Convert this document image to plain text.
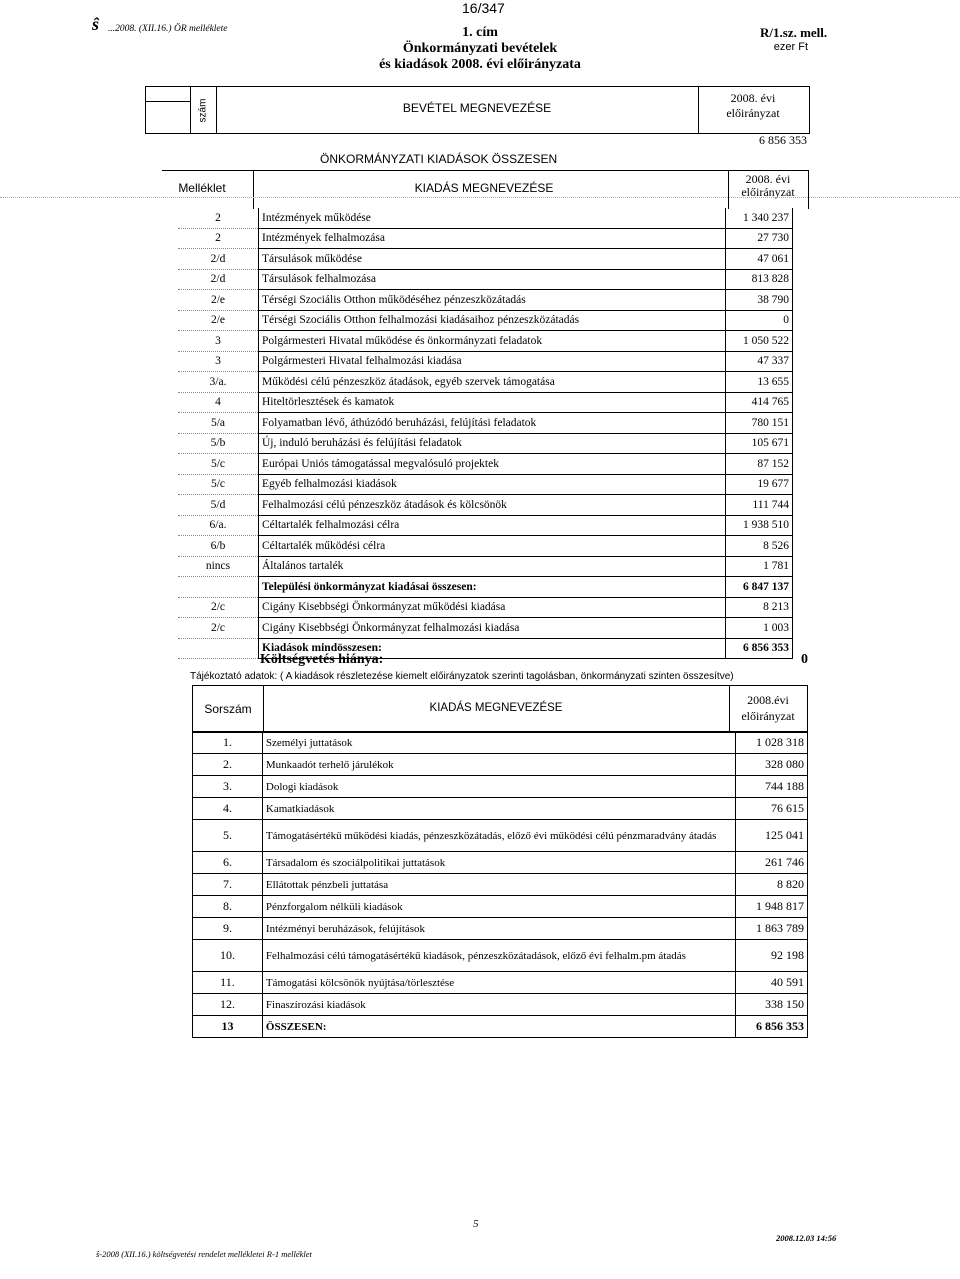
ŝ ...2008. (XII.16.) ÖR melléklete
16/347
1. cím
Önkormányzati bevételek
és kiadások 2008. évi előirányzata
R/1.sz. mell.
ezer Ft
szám	BEVÉTEL MEGNEVEZÉSE
2008. évi
előirányzat
6 856 353
ÖNKORMÁNYZATI KIADÁSOK ÖSSZESEN
Melléklet	KIADÁS MEGNEVEZÉSE
2008. évi
előirányzat
2	Intézmények működése	1 340 237
2	Intézmények felhalmozása	27 730
2/d	Társulások működése	47 061
2/d	Társulások felhalmozása	813 828
2/e	Térségi Szociális Otthon működéséhez pénzeszközátadás	38 790
2/e	Térségi Szociális Otthon felhalmozási kiadásaihoz pénzeszközátadás	0
3	Polgármesteri Hivatal működése és önkormányzati feladatok	1 050 522
3	Polgármesteri Hivatal felhalmozási kiadása	47 337
3/a.	Működési célú pénzeszköz átadások, egyéb szervek támogatása	13 655
4	Hiteltörlesztések és kamatok	414 765
5/a	Folyamatban lévő, áthúzódó beruházási, felújítási feladatok	780 151
5/b	Új, induló beruházási és felújítási feladatok	105 671
5/c	Európai Uniós támogatással megvalósuló projektek	87 152
5/c	Egyéb felhalmozási kiadások	19 677
5/d	Felhalmozási célú pénzeszköz átadások és kölcsönök	111 744
6/a.	Céltartalék felhalmozási célra	1 938 510
6/b	Céltartalék működési célra	8 526
nincs	Általános tartalék	1 781
	Települési önkormányzat kiadásai összesen:	6 847 137
2/c	Cigány Kisebbségi Önkormányzat működési kiadása	8 213
2/c	Cigány Kisebbségi Önkormányzat felhalmozási kiadása	1 003
	Kiadások mindösszesen:	6 856 353
Költségvetés hiánya:	0
Tájékoztató adatok: ( A kiadások részletezése kiemelt előirányzatok szerinti tagolásban, önkormányzati szinten összesítve)
Sorszám	KIADÁS MEGNEVEZÉSE
2008.évi
előirányzat
1.	Személyi juttatások	1 028 318
2.	Munkaadót terhelő járulékok	328 080
3.	Dologi kiadások	744 188
4.	Kamatkiadások	76 615
5.	Támogatásértékű működési kiadás, pénzeszközátadás, előző évi működési célú pénzmaradvány átadás	125 041
6.	Társadalom és szociálpolitikai juttatások	261 746
7.	Ellátottak pénzbeli juttatása	8 820
8.	Pénzforgalom nélküli kiadások	1 948 817
9.	Intézményi beruházások, felújítások	1 863 789
10.	Felhalmozási célú támogatásértékű kiadások, pénzeszközátadások, előző évi felhalm.pm átadás	92 198
11.	Támogatási kölcsönök nyújtása/törlesztése	40 591
12.	Finaszírozási kiadások	338 150
13	ÖSSZESEN:	6 856 353
5
ŝ-2008 (XII.16.) költségvetési rendelet mellékletei R-1 melléklet
2008.12.03 14:56
